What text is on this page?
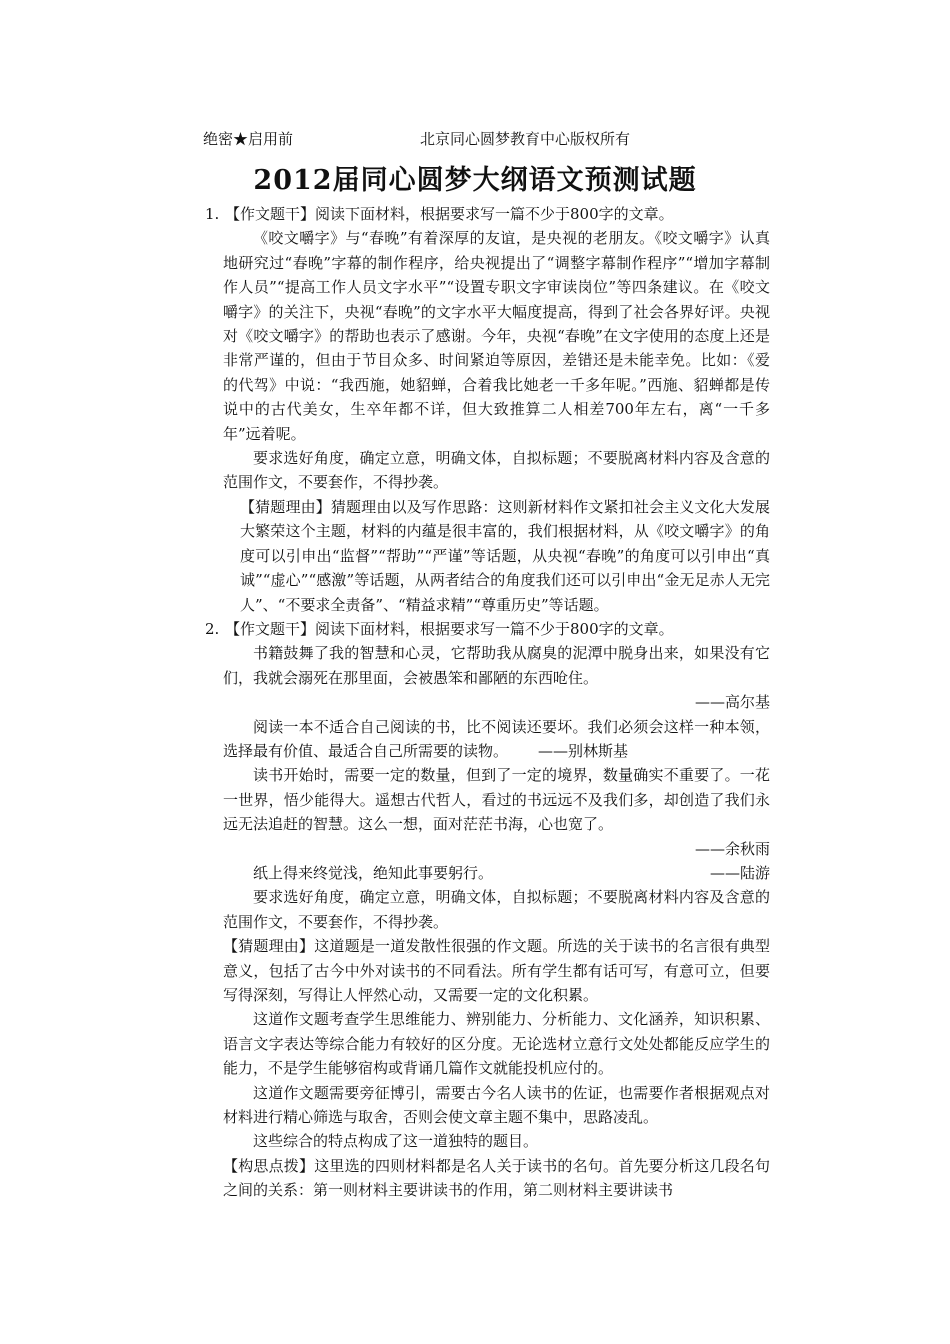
绝密★启用前	北京同心圆梦教育中心版权所有
2012届同心圆梦大纲语文预测试题
1. 【作文题干】阅读下面材料，根据要求写一篇不少于800字的文章。

《咬文嚼字》与“春晚”有着深厚的友谊，是央视的老朋友。《咬文嚼字》认真地研究过“春晚”字幕的制作程序，给央视提出了“调整字幕制作程序”“增加字幕制作人员”“提高工作人员文字水平”“设置专职文字审读岗位”等四条建议。在《咬文嚼字》的关注下，央视“春晚”的文字水平大幅度提高，得到了社会各界好评。央视对《咬文嚼字》的帮助也表示了感谢。今年，央视“春晚”在文字使用的态度上还是非常严谨的，但由于节目众多、时间紧迫等原因，差错还是未能幸免。比如：《爱的代驾》中说：“我西施，她貂蝉，合着我比她老一千多年呢。”西施、貂蝉都是传说中的古代美女，生卒年都不详，但大致推算二人相差700年左右，离“一千多年”远着呢。

要求选好角度，确定立意，明确文体，自拟标题；不要脱离材料内容及含意的范围作文，不要套作，不得抄袭。

【猜题理由】猜题理由以及写作思路：这则新材料作文紧扣社会主义文化大发展大繁荣这个主题，材料的内蕴是很丰富的，我们根据材料，从《咬文嚼字》的角度可以引申出“监督”“帮助”“严谨”等话题，从央视“春晚”的角度可以引申出“真诚”“虚心”“感激”等话题，从两者结合的角度我们还可以引申出“金无足赤人无完人”、“不要求全责备”、“精益求精”“尊重历史”等话题。

2. 【作文题干】阅读下面材料，根据要求写一篇不少于800字的文章。

书籍鼓舞了我的智慧和心灵，它帮助我从腐臭的泥潭中脱身出来，如果没有它们，我就会溺死在那里面，会被愚笨和鄙陋的东西呛住。

——高尔基

阅读一本不适合自己阅读的书，比不阅读还要坏。我们必须会这样一种本领，选择最有价值、最适合自己所需要的读物。 ——别林斯基

读书开始时，需要一定的数量，但到了一定的境界，数量确实不重要了。一花一世界，悟少能得大。遥想古代哲人，看过的书远远不及我们多，却创造了我们永远无法追赶的智慧。这么一想，面对茫茫书海，心也宽了。

——余秋雨

纸上得来终觉浅，绝知此事要躬行。	——陆游

要求选好角度，确定立意，明确文体，自拟标题；不要脱离材料内容及含意的范围作文，不要套作，不得抄袭。

【猜题理由】这道题是一道发散性很强的作文题。所选的关于读书的名言很有典型意义，包括了古今中外对读书的不同看法。所有学生都有话可写，有意可立，但要写得深刻，写得让人怦然心动，又需要一定的文化积累。

这道作文题考查学生思维能力、辨别能力、分析能力、文化涵养，知识积累、语言文字表达等综合能力有较好的区分度。无论选材立意行文处处都能反应学生的能力，不是学生能够宿构或背诵几篇作文就能投机应付的。

这道作文题需要旁征博引，需要古今名人读书的佐证，也需要作者根据观点对材料进行精心筛选与取舍，否则会使文章主题不集中，思路凌乱。

这些综合的特点构成了这一道独特的题目。

【构思点拨】这里选的四则材料都是名人关于读书的名句。首先要分析这几段名句之间的关系：第一则材料主要讲读书的作用，第二则材料主要讲读书
